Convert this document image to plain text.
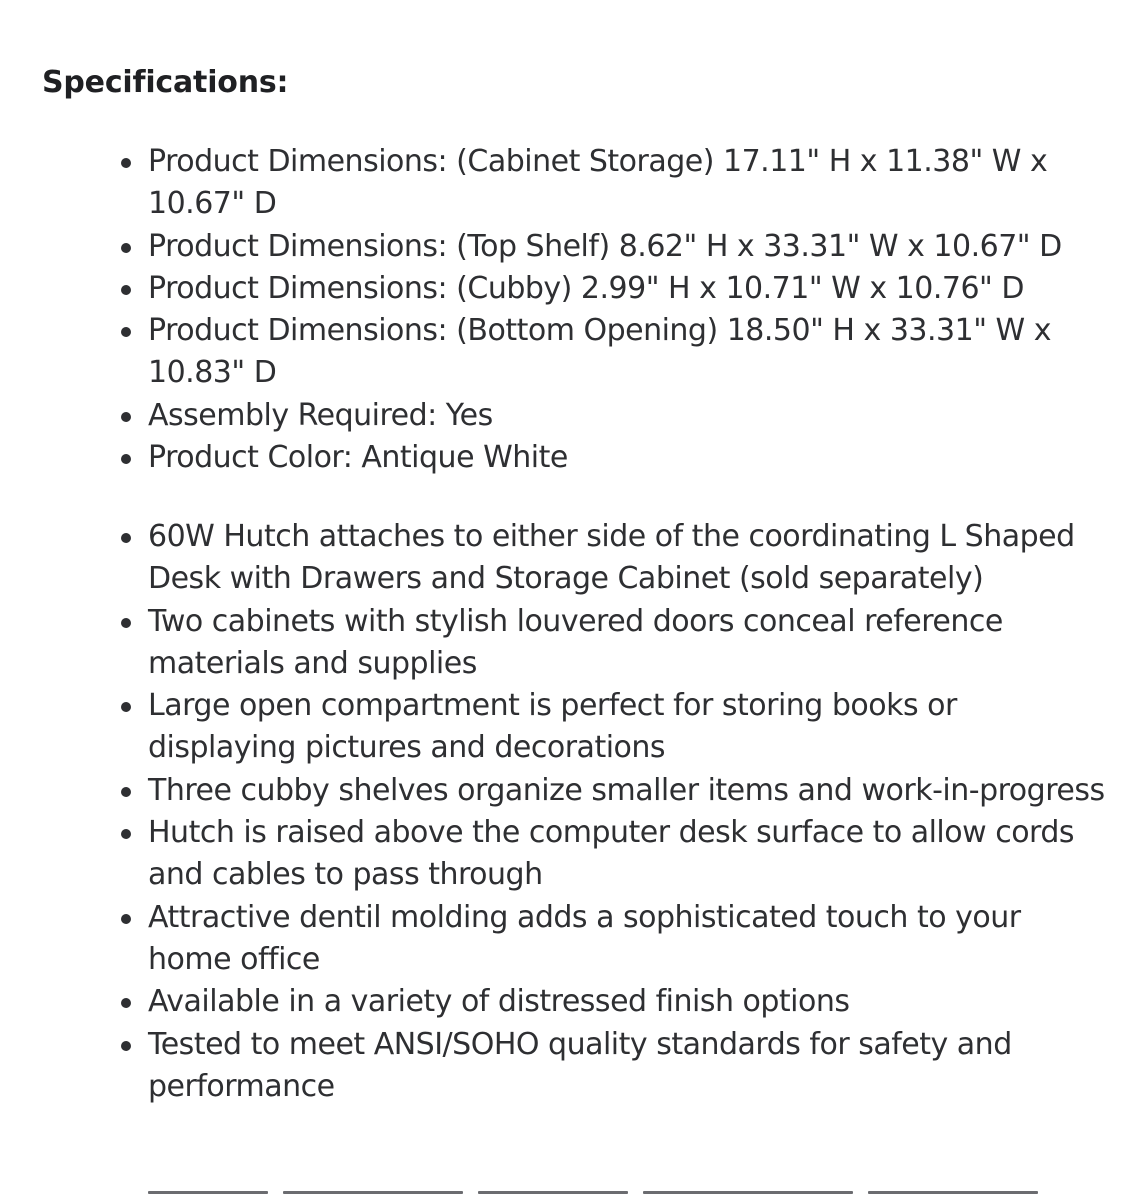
Specifications:
Product Dimensions: (Cabinet Storage) 17.11" H x 11.38" W x 10.67" D
Product Dimensions: (Top Shelf) 8.62" H x 33.31" W x 10.67" D
Product Dimensions: (Cubby) 2.99" H x 10.71" W x 10.76" D
Product Dimensions: (Bottom Opening) 18.50" H x 33.31" W x 10.83" D
Assembly Required: Yes
Product Color: Antique White
60W Hutch attaches to either side of the coordinating L Shaped Desk with Drawers and Storage Cabinet (sold separately)
Two cabinets with stylish louvered doors conceal reference materials and supplies
Large open compartment is perfect for storing books or displaying pictures and decorations
Three cubby shelves organize smaller items and work-in-progress
Hutch is raised above the computer desk surface to allow cords and cables to pass through
Attractive dentil molding adds a sophisticated touch to your home office
Available in a variety of distressed finish options
Tested to meet ANSI/SOHO quality standards for safety and performance
